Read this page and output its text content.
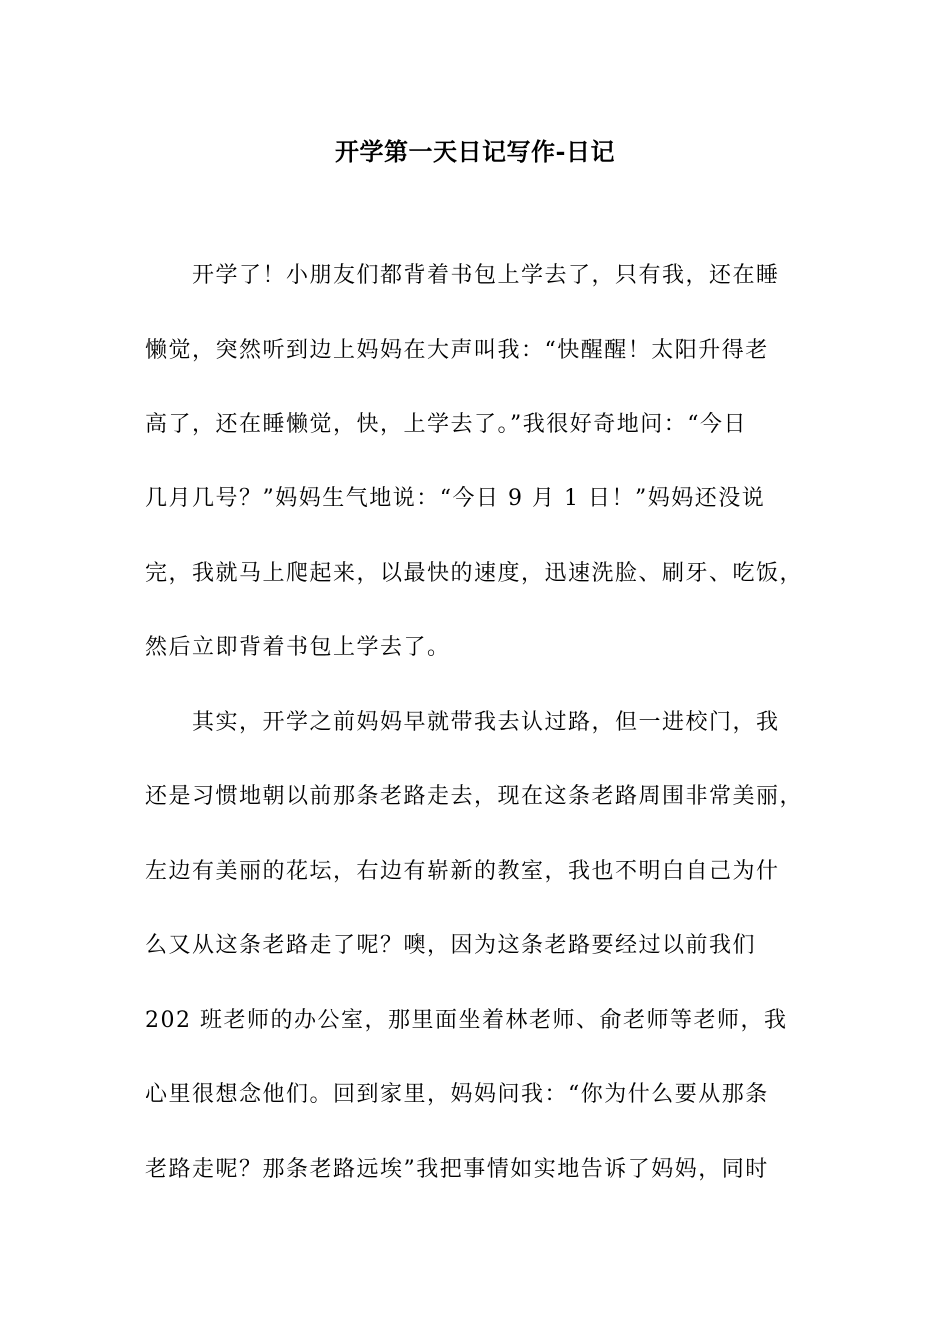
开学第一天日记写作-日记
开学了！小朋友们都背着书包上学去了，只有我，还在睡
懒觉，突然听到边上妈妈在大声叫我：“快醒醒！太阳升得老
高了，还在睡懒觉，快，上学去了。”我很好奇地问：“今日
几月几号？”妈妈生气地说：“今日 9 月 1 日！”妈妈还没说
完，我就马上爬起来，以最快的速度，迅速洗脸、刷牙、吃饭，
然后立即背着书包上学去了。
其实，开学之前妈妈早就带我去认过路，但一进校门，我
还是习惯地朝以前那条老路走去，现在这条老路周围非常美丽，
左边有美丽的花坛，右边有崭新的教室，我也不明白自己为什
么又从这条老路走了呢？噢，因为这条老路要经过以前我们
202 班老师的办公室，那里面坐着林老师、俞老师等老师，我
心里很想念他们。回到家里，妈妈问我：“你为什么要从那条
老路走呢？那条老路远埃”我把事情如实地告诉了妈妈，同时
